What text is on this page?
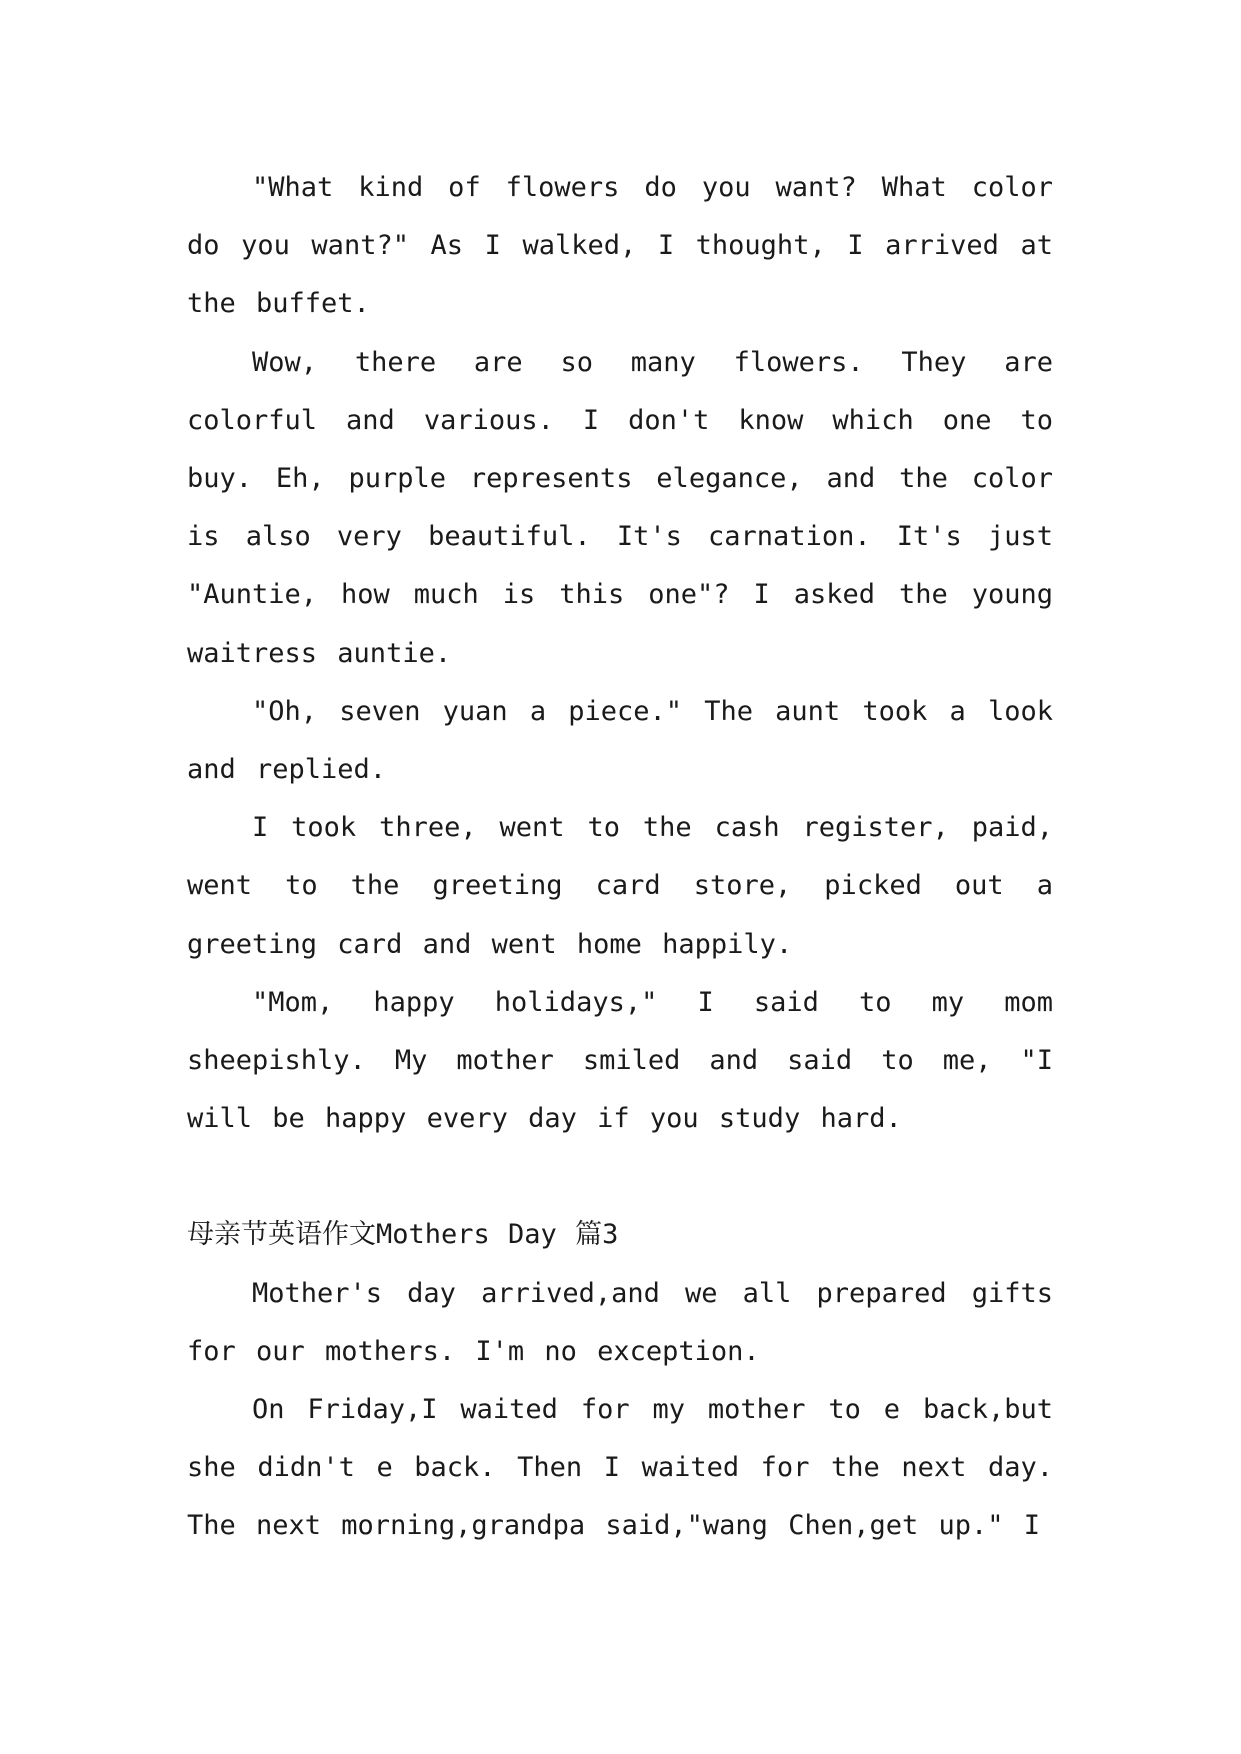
"What kind of flowers do you want? What color do you want?" As I walked, I thought, I arrived at the buffet.

Wow, there are so many flowers. They are colorful and various. I don't know which one to buy. Eh, purple represents elegance, and the color is also very beautiful. It's carnation. It's just "Auntie, how much is this one"? I asked the young waitress auntie.

"Oh, seven yuan a piece." The aunt took a look and replied.

I took three, went to the cash register, paid, went to the greeting card store, picked out a greeting card and went home happily.

"Mom, happy holidays," I said to my mom sheepishly. My mother smiled and said to me, "I will be happy every day if you study hard.

母亲节英语作文Mothers Day 篇3

Mother's day arrived,and we all prepared gifts for our mothers. I'm no exception.

On Friday,I waited for my mother to e back,but she didn't e back. Then I waited for the next day. The next morning,grandpa said,"wang Chen,get up." I
